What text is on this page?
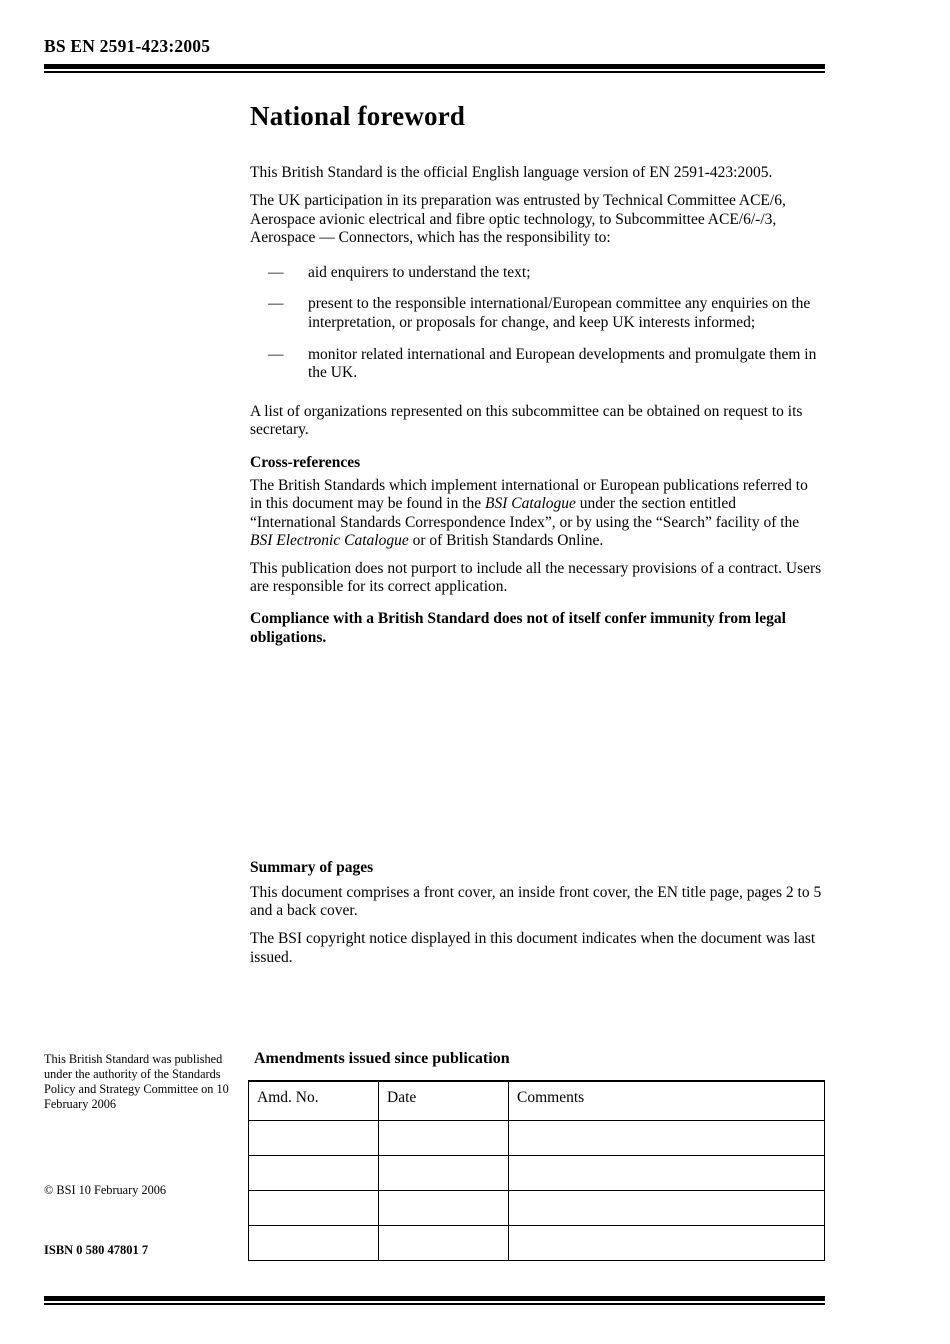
BS EN 2591-423:2005
National foreword

This British Standard is the official English language version of EN 2591-423:2005.

The UK participation in its preparation was entrusted by Technical Committee ACE/6, Aerospace avionic electrical and fibre optic technology, to Subcommittee ACE/6/-/3, Aerospace — Connectors, which has the responsibility to:

—	aid enquirers to understand the text;
—	present to the responsible international/European committee any enquiries on the interpretation, or proposals for change, and keep UK interests informed;
—	monitor related international and European developments and promulgate them in the UK.

A list of organizations represented on this subcommittee can be obtained on request to its secretary.

Cross-references

The British Standards which implement international or European publications referred to in this document may be found in the BSI Catalogue under the section entitled “International Standards Correspondence Index”, or by using the “Search” facility of the BSI Electronic Catalogue or of British Standards Online.

This publication does not purport to include all the necessary provisions of a contract. Users are responsible for its correct application.

Compliance with a British Standard does not of itself confer immunity from legal obligations.

Summary of pages

This document comprises a front cover, an inside front cover, the EN title page, pages 2 to 5 and a back cover.

The BSI copyright notice displayed in this document indicates when the document was last issued.

This British Standard was published under the authority of the Standards Policy and Strategy Committee on 10 February 2006
© BSI 10 February 2006
ISBN 0 580 47801 7
Amendments issued since publication
Amd. No.	Date	Comments
